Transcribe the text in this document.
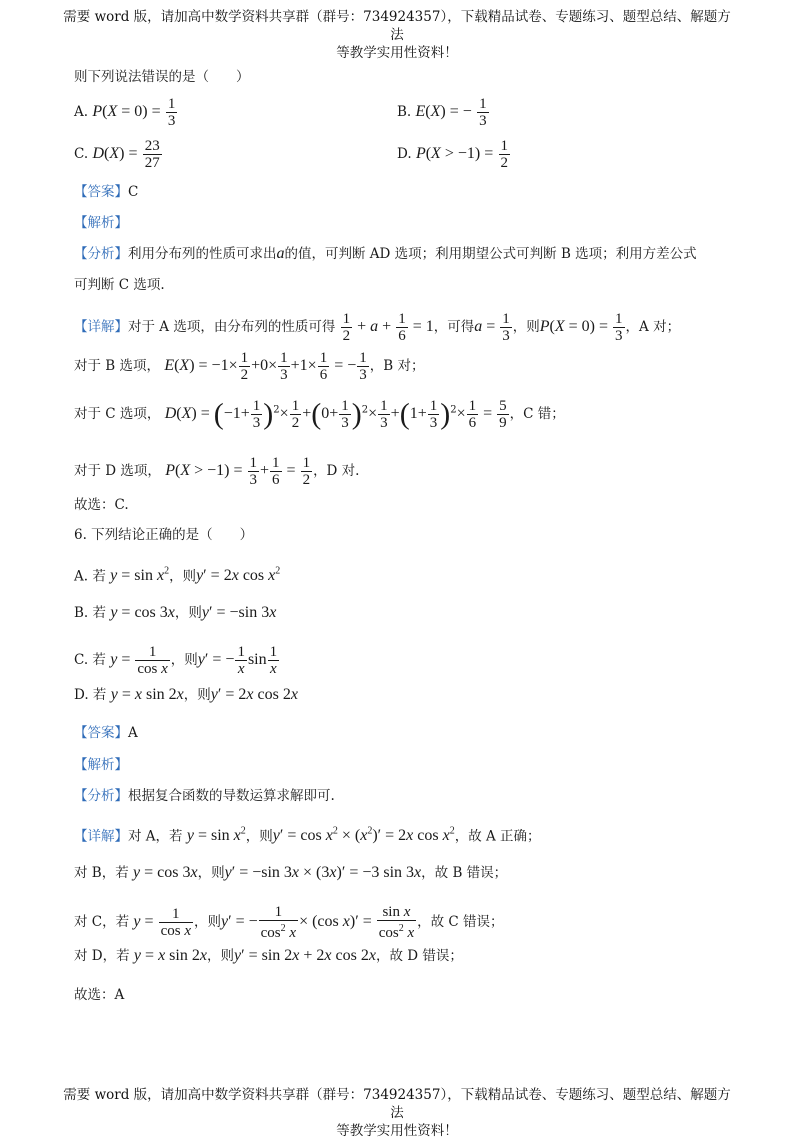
需要 word 版，请加高中数学资料共享群（群号：734924357），下载精品试卷、专题练习、题型总结、解题方法
等教学实用性资料！
则下列说法错误的是（　　）
A. $P(X = 0) = \frac{1}{3}$	B. E(X) = − $\frac{1}{3}$
C. $D(X) = \frac{23}{27}$	D. $P(X > -1) = \frac{1}{2}$
【答案】C
【解析】
【分析】利用分布列的性质可求出a的值，可判断 AD 选项；利用期望公式可判断 B 选项；利用方差公式
可判断 C 选项.
【详解】对于 A 选项，由分布列的性质可得 $\frac{1}{2} + a + \frac{1}{6} = 1$，可得$a = \frac{1}{3}$ ，则$P(X = 0) = \frac{1}{3}$ ，A 对；
对于 B 选项， $E(X) = -1\times \frac{1}{2} +0\times \frac{1}{3} +1\times \frac{1}{6}$ = − $\frac{1}{3}$ ，B 对；
对于 C 选项， $D(X) = (-1+ \frac{1}{3} )^2\times \frac{1}{2} +(0+ \frac{1}{3} )^2\times \frac{1}{3} +(1+ \frac{1}{3} )^2\times \frac{1}{6} = \frac{5}{9}$ ，C 错；
对于 D 选项， $P(X > -1) = \frac{1}{3} + \frac{1}{6} = \frac{1}{2}$ ，D 对.
故选：C.
6. 下列结论正确的是（　　）
A. 若 $y = \sin x^2$，则y′ = 2x $\cos x^2$
B. 若 y = cos 3x，则y′ = −sin 3x
C. 若 $y = \frac{1}{\text{cos x}}$ ，则y′ = − $\frac{1}{x}$ $\sin \frac{1}{x}$
D. 若 y = x sin 2x，则y′ = 2x cos 2x
【答案】A
【解析】
【分析】根据复合函数的导数运算求解即可.
【详解】对 A，若 $y = \sin x^2$，则$y' = \cos x^2 \times (x^2)' = 2x$ $\cos x^2$，故 A 正确；
对 B，若 y = cos 3x，则y′ = −sin 3x × (3x)′ = −3 sin 3x，故 B 错误；
对 C，若 $y = \frac{1}{\text{cos x}}$ ，则y′ = − $\frac{1}{\cos^2 x} \times (\cos$ $x)' = \frac{\text{sin x}}{\cos^2 x}$ ，故 C 错误；
对 D，若 y = x sin 2x，则y′ = sin 2x + 2x cos 2x，故 D 错误；
故选：A
需要 word 版，请加高中数学资料共享群（群号：734924357），下载精品试卷、专题练习、题型总结、解题方法
等教学实用性资料！
